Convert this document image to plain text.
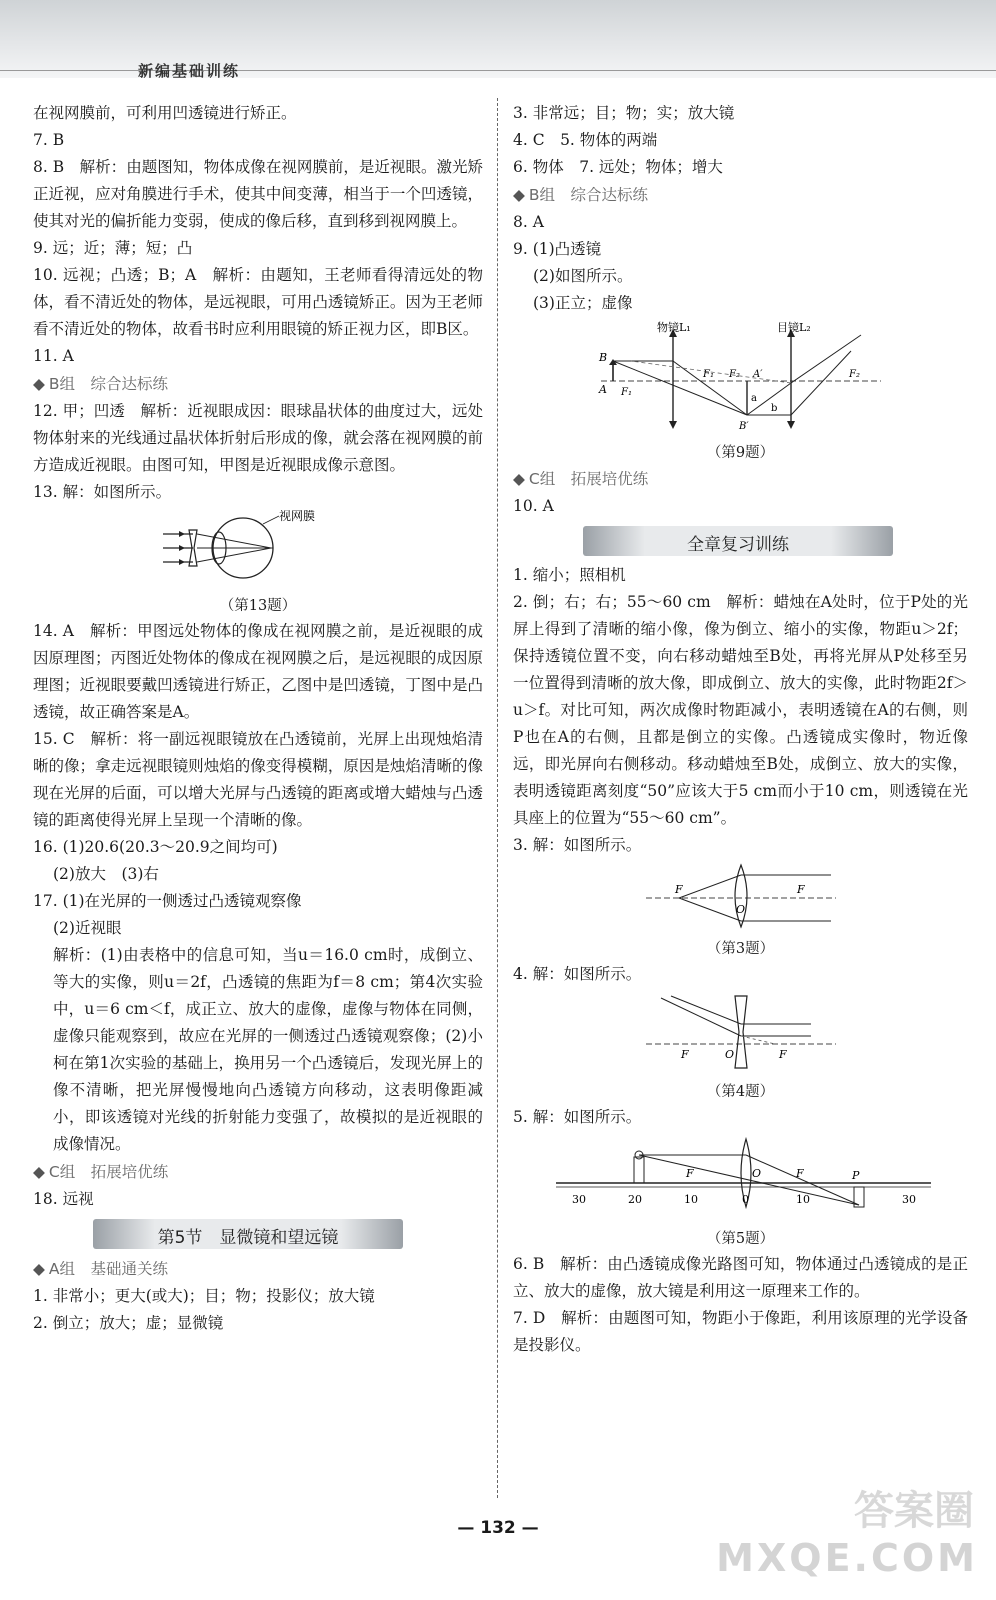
新编基础训练

在视网膜前，可利用凹透镜进行矫正。

7. B

8. B　解析：由题图知，物体成像在视网膜前，是近视眼。激光矫正近视，应对角膜进行手术，使其中间变薄，相当于一个凹透镜，使其对光的偏折能力变弱，使成的像后移，直到移到视网膜上。

9. 远；近；薄；短；凸

10. 远视；凸透；B；A　解析：由题知，王老师看得清远处的物体，看不清近处的物体，是远视眼，可用凸透镜矫正。因为王老师看不清近处的物体，故看书时应利用眼镜的矫正视力区，即B区。

11. A

◆ B组　综合达标练

12. 甲；凹透　解析：近视眼成因：眼球晶状体的曲度过大，远处物体射来的光线通过晶状体折射后形成的像，就会落在视网膜的前方造成近视眼。由图可知，甲图是近视眼成像示意图。

13. 解：如图所示。

视网膜

（第13题）

14. A　解析：甲图远处物体的像成在视网膜之前，是近视眼的成因原理图；丙图近处物体的像成在视网膜之后，是远视眼的成因原理图；近视眼要戴凹透镜进行矫正，乙图中是凹透镜，丁图中是凸透镜，故正确答案是A。

15. C　解析：将一副远视眼镜放在凸透镜前，光屏上出现烛焰清晰的像；拿走远视眼镜则烛焰的像变得模糊，原因是烛焰清晰的像现在光屏的后面，可以增大光屏与凸透镜的距离或增大蜡烛与凸透镜的距离使得光屏上呈现一个清晰的像。

16. (1)20.6(20.3～20.9之间均可)

(2)放大　(3)右

17. (1)在光屏的一侧透过凸透镜观察像

(2)近视眼

解析：(1)由表格中的信息可知，当u＝16.0 cm时，成倒立、等大的实像，则u＝2f，凸透镜的焦距为f＝8 cm；第4次实验中，u＝6 cm＜f，成正立、放大的虚像，虚像与物体在同侧，虚像只能观察到，故应在光屏的一侧透过凸透镜观察像；(2)小柯在第1次实验的基础上，换用另一个凸透镜后，发现光屏上的像不清晰，把光屏慢慢地向凸透镜方向移动，这表明像距减小，即该透镜对光线的折射能力变强了，故模拟的是近视眼的成像情况。

◆ C组　拓展培优练

18. 远视

第5节　显微镜和望远镜

◆ A组　基础通关练

1. 非常小；更大(或大)；目；物；投影仪；放大镜

2. 倒立；放大；虚；显微镜

3. 非常远；目；物；实；放大镜

4. C　5. 物体的两端

6. 物体　7. 远处；物体；增大

◆ B组　综合达标练

8. A

9. (1)凸透镜

(2)如图所示。

(3)正立；虚像

物镜L₁	目镜L₂
B
A F₁
F₁ F₂	F₂
A′
B′
a
b

（第9题）

◆ C组　拓展培优练

10. A

全章复习训练

1. 缩小；照相机

2. 倒；右；右；55～60 cm　解析：蜡烛在A处时，位于P处的光屏上得到了清晰的缩小像，像为倒立、缩小的实像，物距u＞2f；保持透镜位置不变，向右移动蜡烛至B处，再将光屏从P处移至另一位置得到清晰的放大像，即成倒立、放大的实像，此时物距2f＞u＞f。对比可知，两次成像时物距减小，表明透镜在A的右侧，则P也在A的右侧，且都是倒立的实像。凸透镜成实像时，物近像远，即光屏向右侧移动。移动蜡烛至B处，成倒立、放大的实像，表明透镜距离刻度“50”应该大于5 cm而小于10 cm，则透镜在光具座上的位置为“55～60 cm”。

3. 解：如图所示。

F	F
O

（第3题）

4. 解：如图所示。

F	O	F

（第4题）

5. 解：如图所示。

30	20	10	0	10	30
F	O	F	P

（第5题）

6. B　解析：由凸透镜成像光路图可知，物体通过凸透镜成的是正立、放大的虚像，放大镜是利用这一原理来工作的。

7. D　解析：由题图可知，物距小于像距，利用该原理的光学设备是投影仪。

— 132 —	答案圈
MXQE.COM
